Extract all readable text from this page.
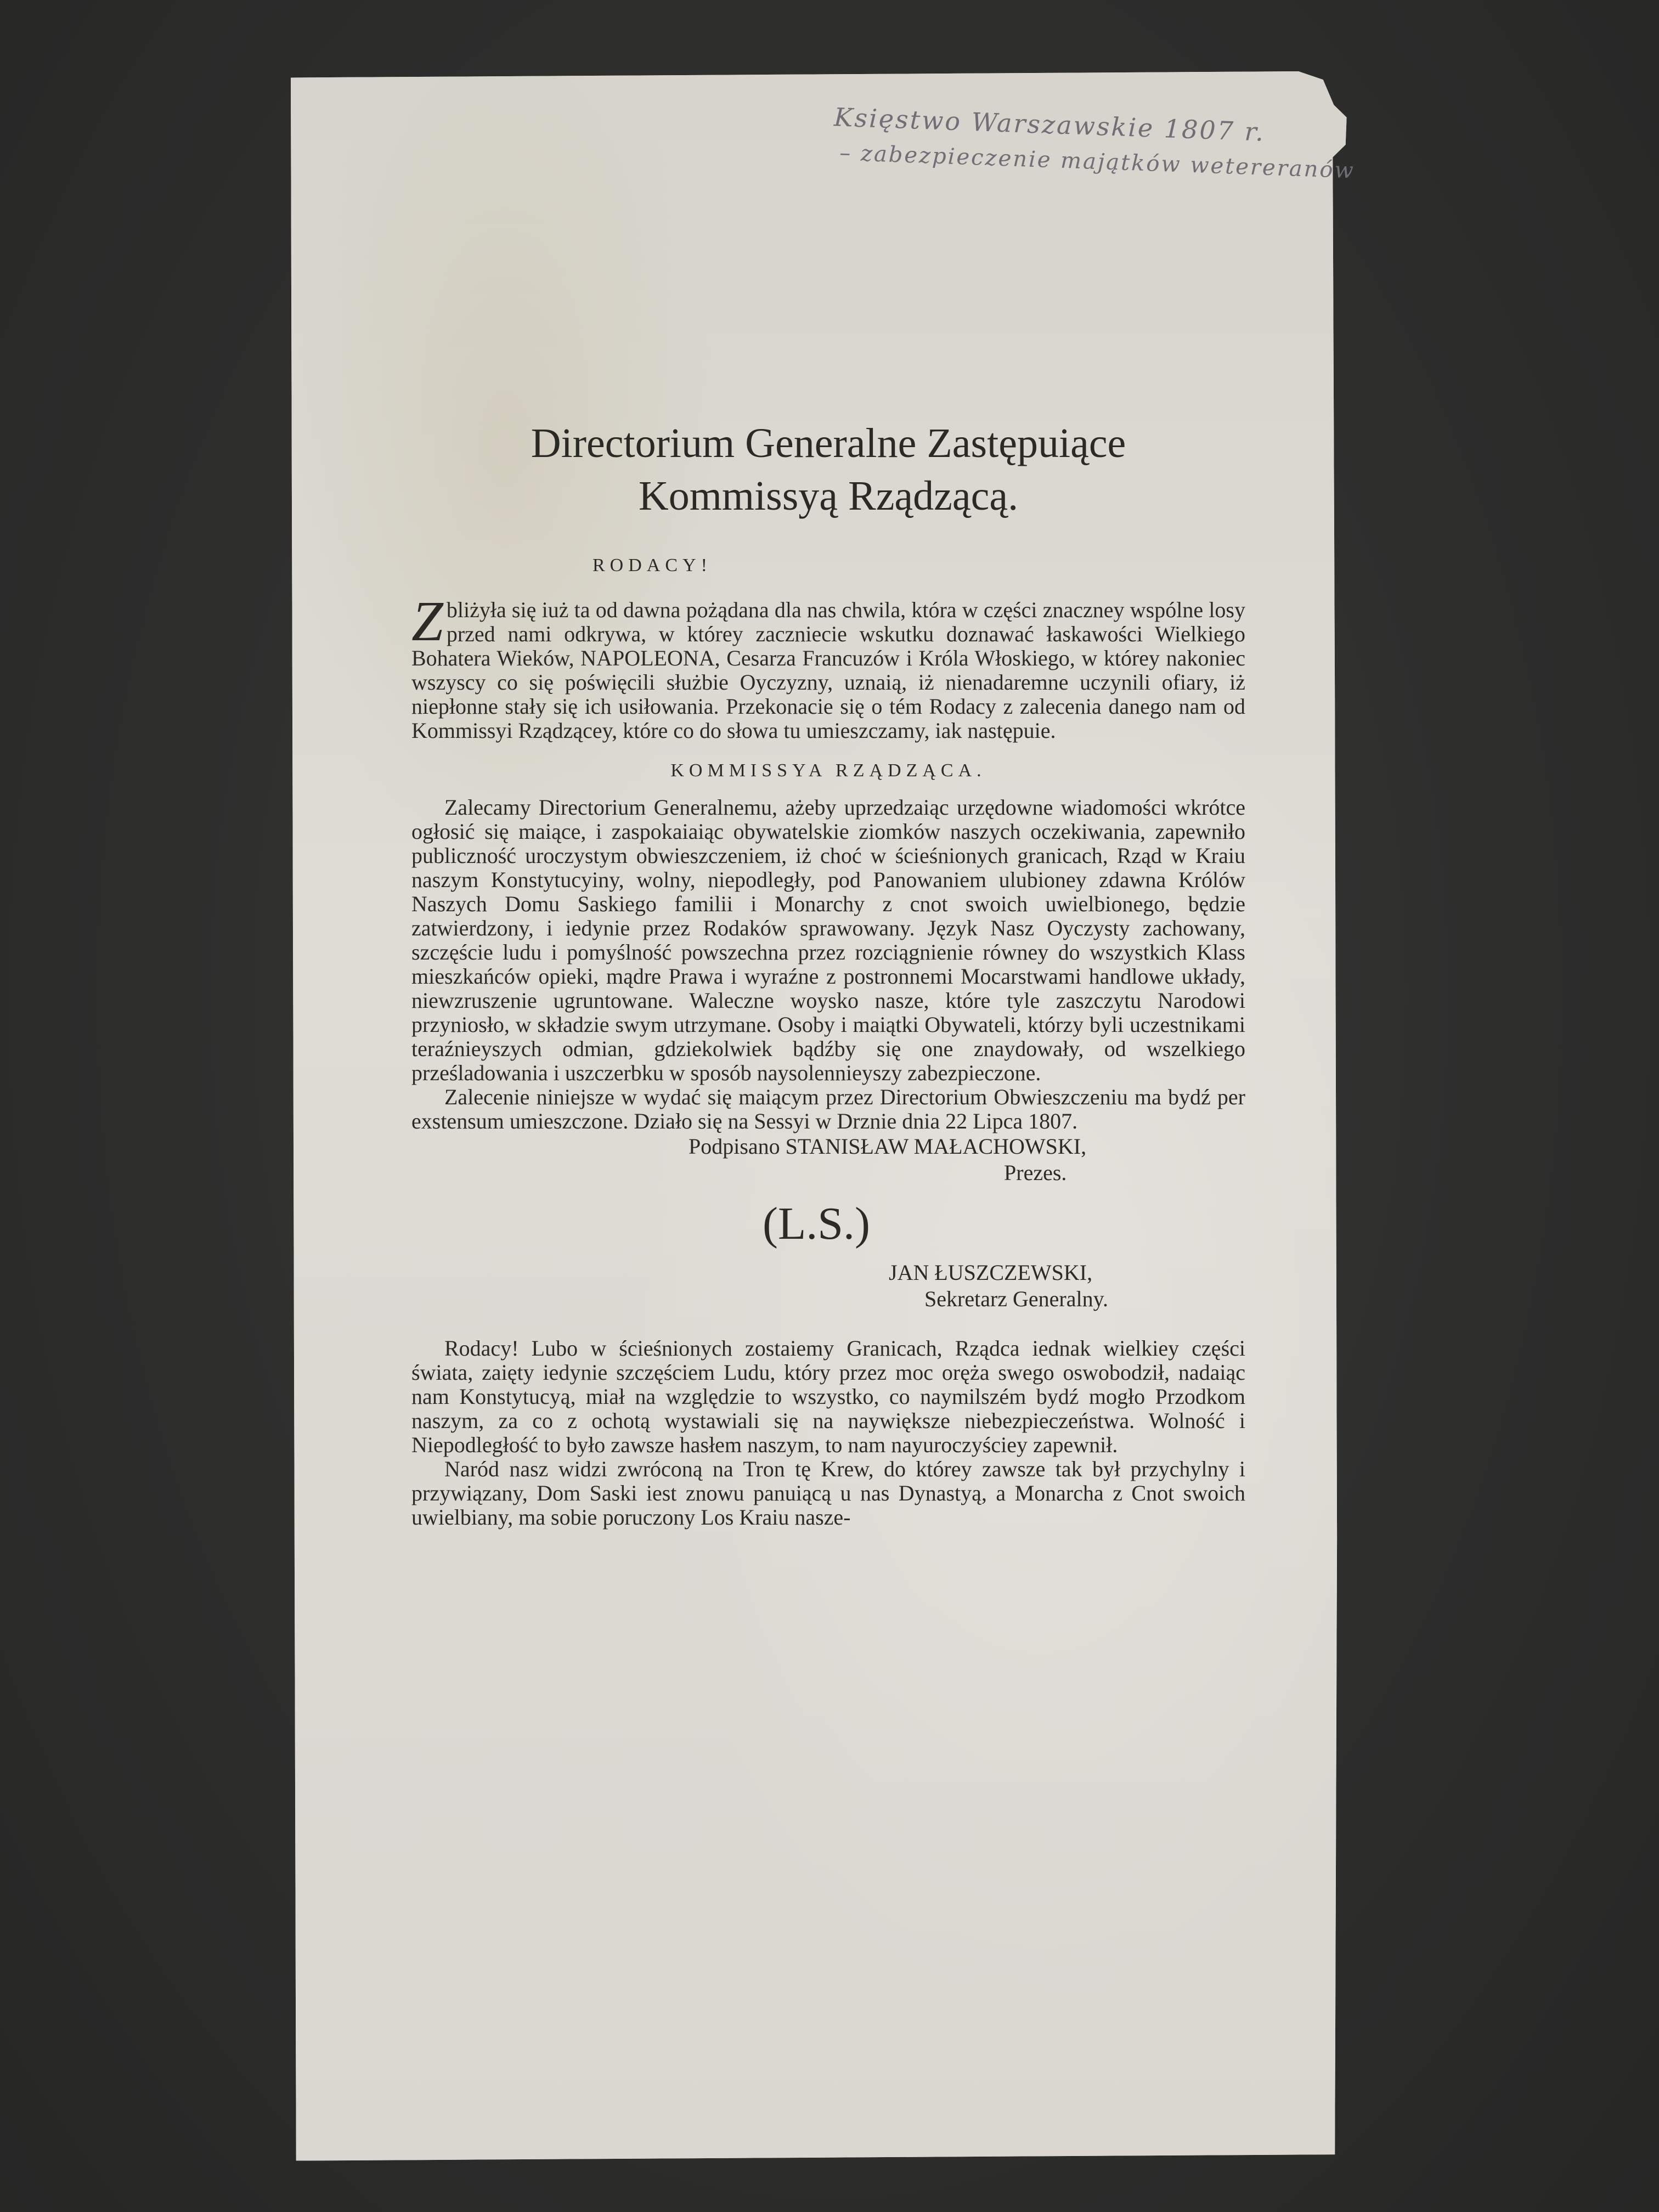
Księstwo Warszawskie 1807 r.
– zabezpieczenie majątków wetereranów
Directorium Generalne Zastępuiące
Kommissyą Rządzącą.
RODACY!

Zbliżyła się iuż ta od dawna pożądana dla nas chwila, która w części znaczney wspólne losy przed nami odkrywa, w którey zaczniecie wskutku doznawać łaskawości Wielkiego Bohatera Wieków, NAPOLEONA, Cesarza Francuzów i Króla Włoskiego, w którey nakoniec wszyscy co się poświęcili służbie Oyczyzny, uznaią, iż nienadaremne uczynili ofiary, iż niepłonne stały się ich usiłowania. Przekonacie się o tém Rodacy z zalecenia danego nam od Kommissyi Rządzącey, które co do słowa tu umieszczamy, iak następuie.

KOMMISSYA RZĄDZĄCA.

Zalecamy Directorium Generalnemu, ażeby uprzedzaiąc urzędowne wiadomości wkrótce ogłosić się maiące, i zaspokaiaiąc obywatelskie ziomków naszych oczekiwania, zapewniło publiczność uroczystym obwieszczeniem, iż choć w ścieśnionych granicach, Rząd w Kraiu naszym Konstytucyiny, wolny, niepodległy, pod Panowaniem ulubioney zdawna Królów Naszych Domu Saskiego familii i Monarchy z cnot swoich uwielbionego, będzie zatwierdzony, i iedynie przez Rodaków sprawowany. Język Nasz Oyczysty zachowany, szczęście ludu i pomyślność powszechna przez rozciągnienie równey do wszystkich Klass mieszkańców opieki, mądre Prawa i wyraźne z postronnemi Mocarstwami handlowe układy, niewzruszenie ugruntowane. Waleczne woysko nasze, które tyle zaszczytu Narodowi przyniosło, w składzie swym utrzymane. Osoby i maiątki Obywateli, którzy byli uczestnikami teraźnieyszych odmian, gdziekolwiek bądźby się one znaydowały, od wszelkiego prześladowania i uszczerbku w sposób naysolennieyszy zabezpieczone.

Zalecenie niniejsze w wydać się maiącym przez Directorium Obwieszczeniu ma bydź per exstensum umieszczone. Działo się na Sessyi w Drznie dnia 22 Lipca 1807.

Podpisano STANISŁAW MAŁACHOWSKI,
Prezes.
(L.S.)
JAN ŁUSZCZEWSKI,
Sekretarz Generalny.

Rodacy! Lubo w ścieśnionych zostaiemy Granicach, Rządca iednak wielkiey części świata, zaięty iedynie szczęściem Ludu, który przez moc oręża swego oswobodził, nadaiąc nam Konstytucyą, miał na względzie to wszystko, co naymilszém bydź mogło Przodkom naszym, za co z ochotą wystawiali się na naywiększe niebezpieczeństwa. Wolność i Niepodległość to było zawsze hasłem naszym, to nam nayuroczyściey zapewnił.

Naród nasz widzi zwróconą na Tron tę Krew, do którey zawsze tak był przychylny i przywiązany, Dom Saski iest znowu panuiącą u nas Dynastyą, a Monarcha z Cnot swoich uwielbiany, ma sobie poruczony Los Kraiu nasze-
